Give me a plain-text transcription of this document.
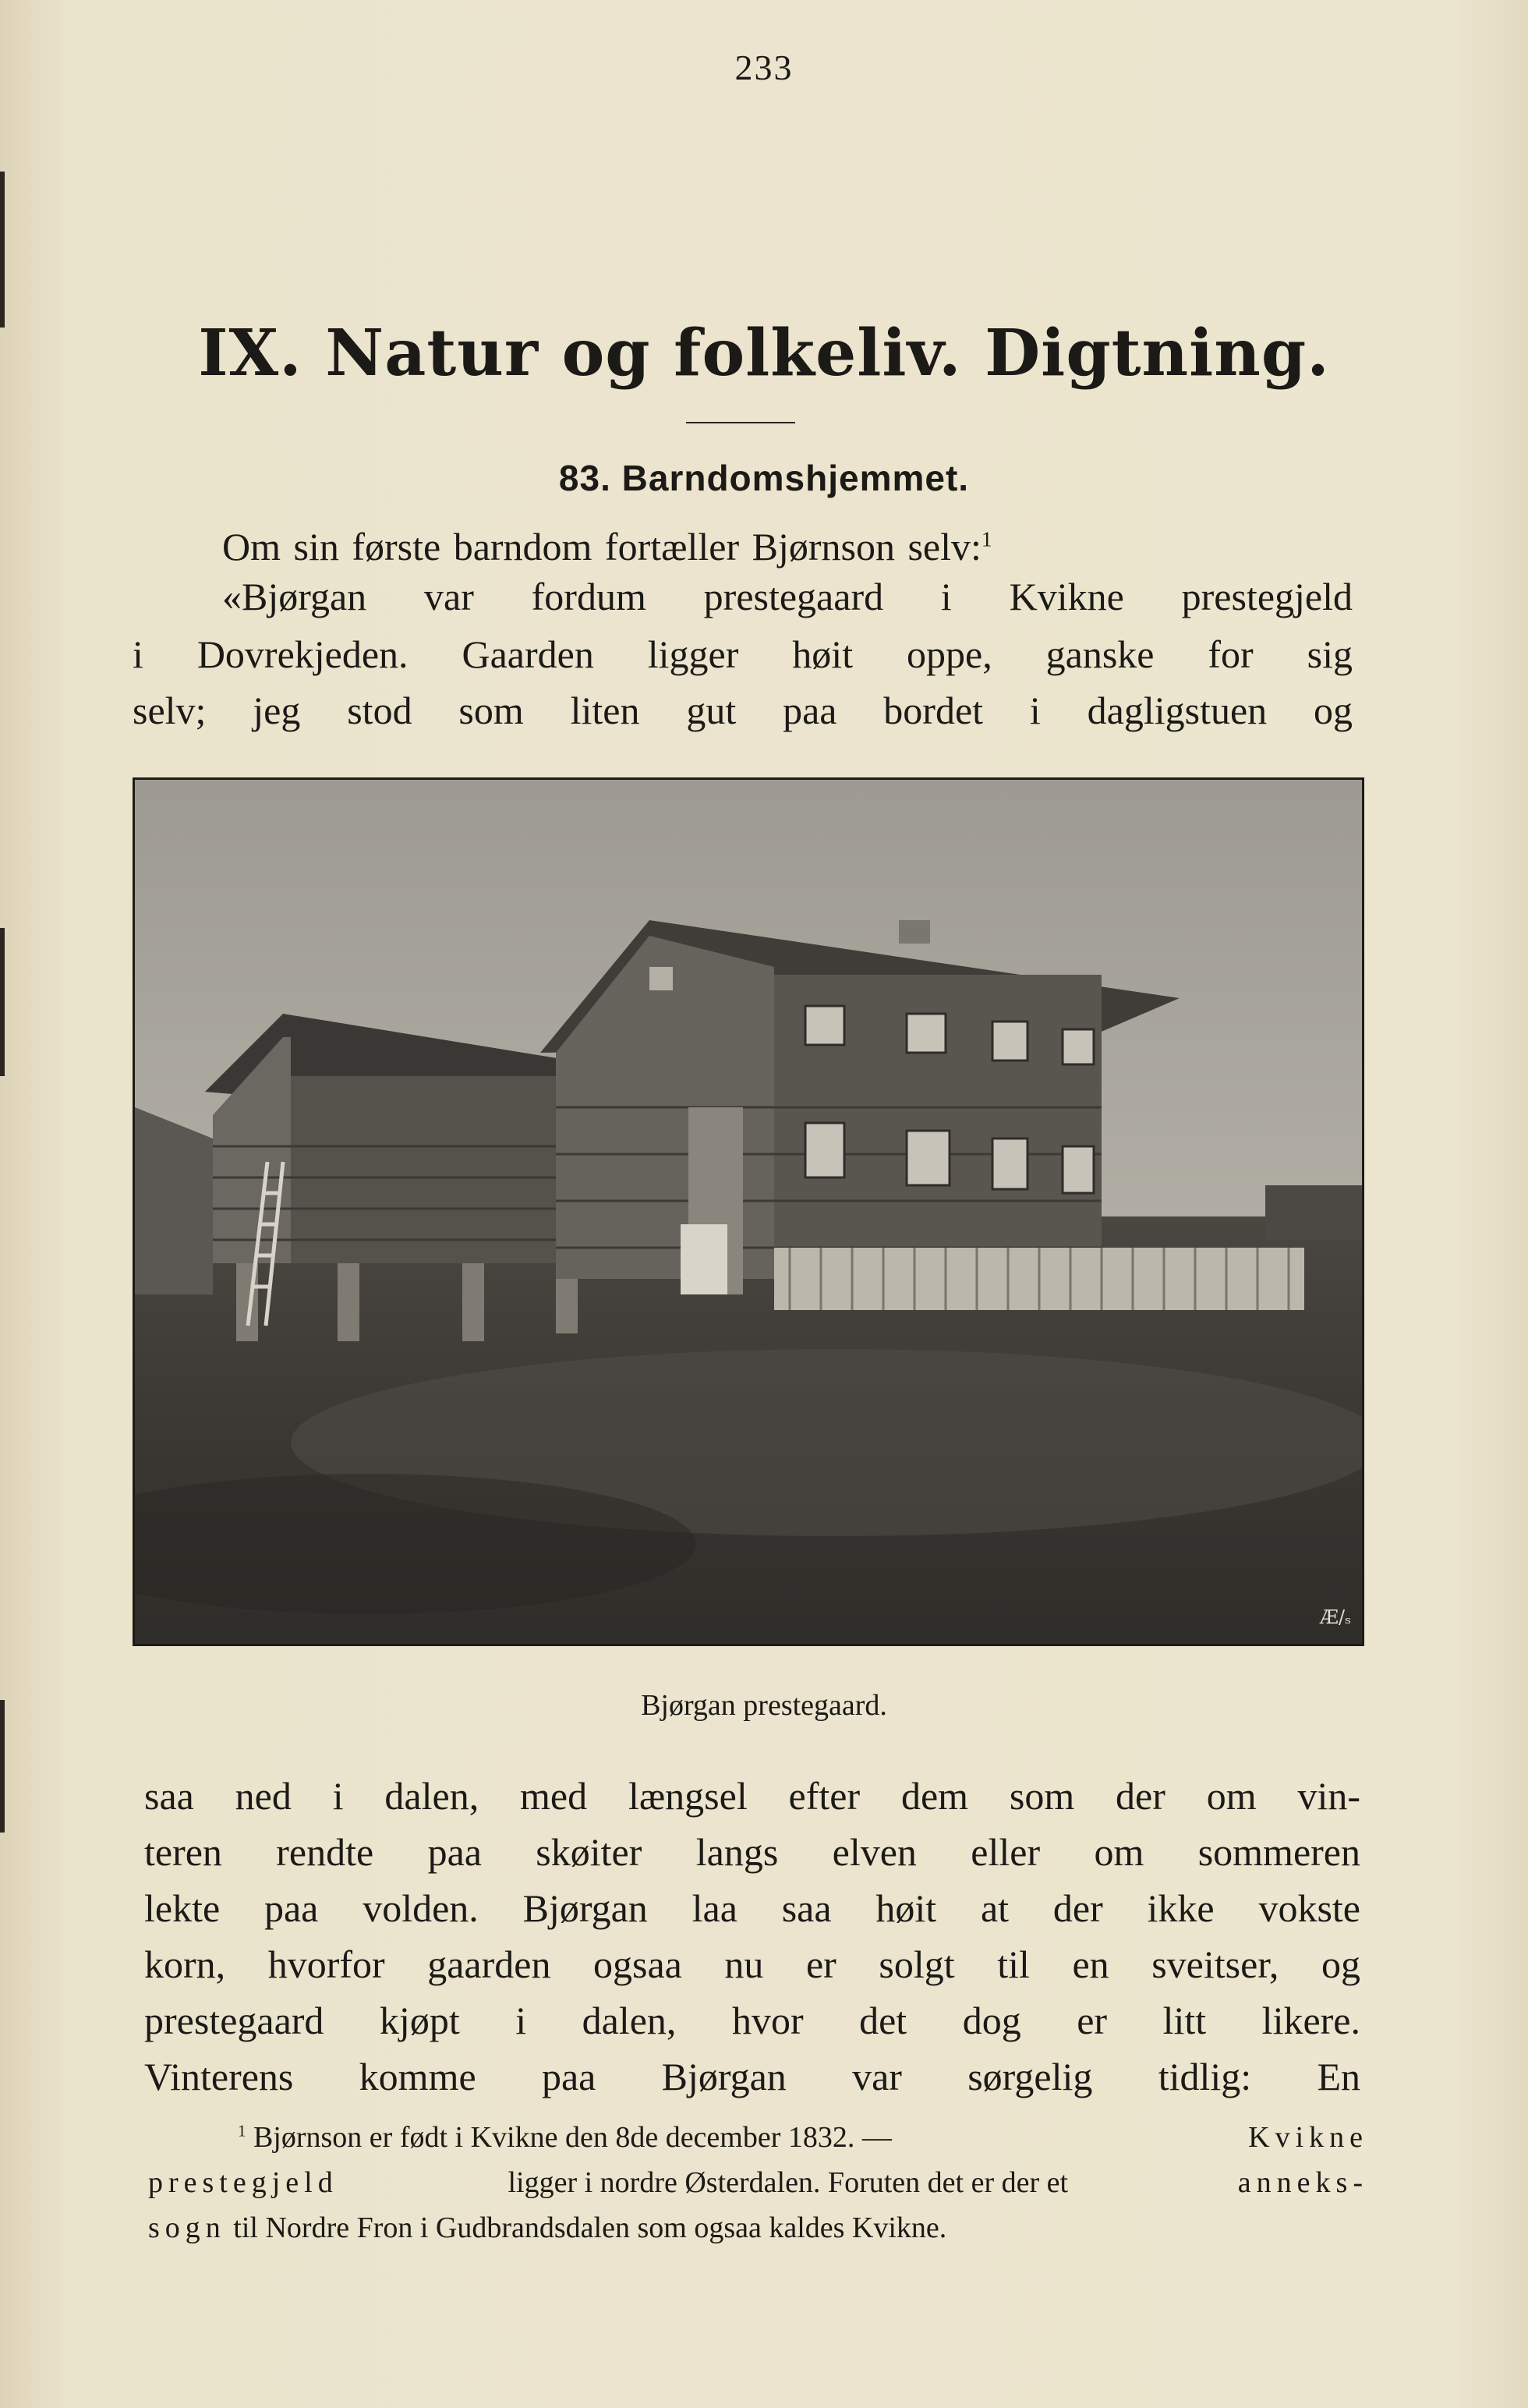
233
IX. Natur og folkeliv. Digtning.
83. Barndomshjemmet.
Om sin første barndom fortæller Bjørnson selv:$^1$
«Bjørgan var fordum prestegaard i Kvikne prestegjeld
i Dovrekjeden. Gaarden ligger høit oppe, ganske for sig
selv; jeg stod som liten gut paa bordet i dagligstuen og
Æ/ₛ
Bjørgan prestegaard.
saa ned i dalen, med længsel efter dem som der om vin-
teren rendte paa skøiter langs elven eller om sommeren
lekte paa volden. Bjørgan laa saa høit at der ikke vokste
korn, hvorfor gaarden ogsaa nu er solgt til en sveitser, og
prestegaard kjøpt i dalen, hvor det dog er litt likere.
Vinterens komme paa Bjørgan var sørgelig tidlig: En
$^1$ Bjørnson er født i Kvikne den 8de december 1832. —	Kvikne
prestegjeld	ligger i nordre Østerdalen. Foruten det er der et	anneks-
sogn til Nordre Fron i Gudbrandsdalen som ogsaa kaldes Kvikne.
